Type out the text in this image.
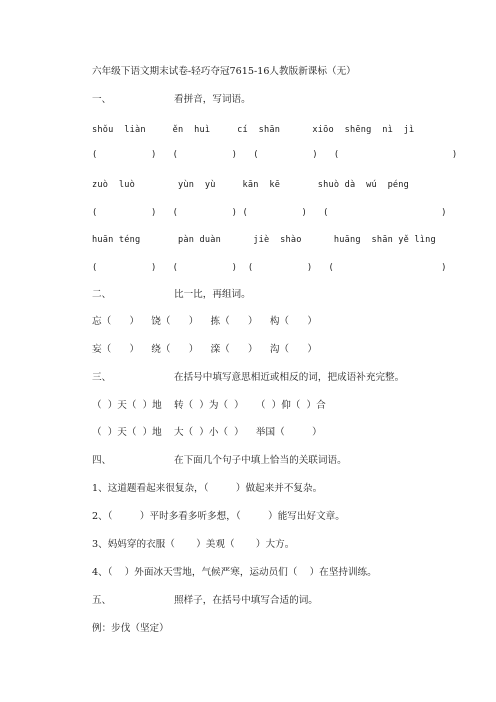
六年级下语文期末试卷-轻巧夺冠7615-16人教版新课标（无）
一、	看拼音，写词语。
shǒu  liàn     ěn  huì     cí  shān      xiōo  shēng  nì  jì
(          )   (          )   (          )   (                     )
zuò  luò        yùn  yù     kān  kē       shuò dà  wú  péng
(          )   (          ) (          )   (                     )
huān téng       pàn duàn      jiè  shào      huāng  shān yě lìng
(          )   (          )  (          )   (                    )
二、	比一比，再组词。
忘（      ）    饶（      ）    拣（      ）    构（      ）
妄（      ）    绕（      ）    滦（      ）    沟（      ）
三、	在括号中填写意思相近或相反的词，把成语补充完整。
（  ）天（  ）地    转（  ）为（  ）    （  ）仰（  ）合
（  ）天（  ）地    大（  ）小（  ）    举国（         ）
四、	在下面几个句子中填上恰当的关联词语。
1、这道题看起来很复杂，（         ）做起来并不复杂。
2、（         ）平时多看多听多想，（         ）能写出好文章。
3、妈妈穿的衣服（       ）美观（       ）大方。
4、（    ）外面冰天雪地，气候严寒，运动员们（    ）在坚持训练。
五、	照样子，在括号中填写合适的词。
例：步伐（坚定）
